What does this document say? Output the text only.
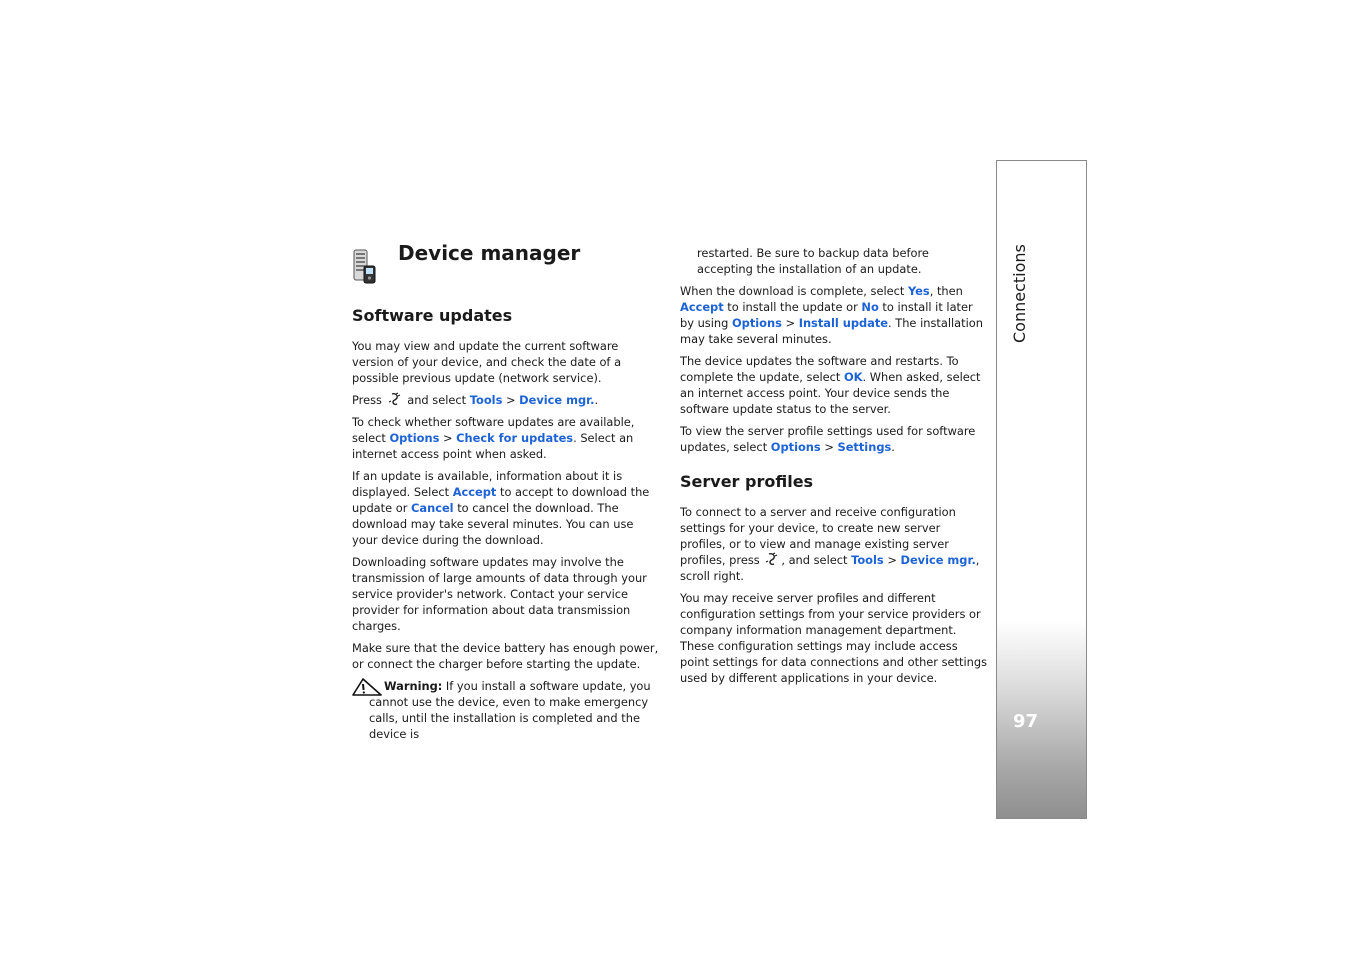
Device manager
Software updates

You may view and update the current software version of your device, and check the date of a possible previous update (network service).

Press and select Tools > Device mgr..

To check whether software updates are available, select Options > Check for updates. Select an internet access point when asked.

If an update is available, information about it is displayed. Select Accept to accept to download the update or Cancel to cancel the download. The download may take several minutes. You can use your device during the download.

Downloading software updates may involve the transmission of large amounts of data through your service provider's network. Contact your service provider for information about data transmission charges.

Make sure that the device battery has enough power, or connect the charger before starting the update.

Warning: If you install a software update, you cannot use the device, even to make emergency calls, until the installation is completed and the device is

restarted. Be sure to backup data before accepting the installation of an update.

When the download is complete, select Yes, then Accept to install the update or No to install it later by using Options > Install update. The installation may take several minutes.

The device updates the software and restarts. To complete the update, select OK. When asked, select an internet access point. Your device sends the software update status to the server.

To view the server profile settings used for software updates, select Options > Settings.

Server profiles

To connect to a server and receive configuration settings for your device, to create new server profiles, or to view and manage existing server profiles, press , and select Tools > Device mgr., scroll right.

You may receive server profiles and different configuration settings from your service providers or company information management department. These configuration settings may include access point settings for data connections and other settings used by different applications in your device.

Connections
97
